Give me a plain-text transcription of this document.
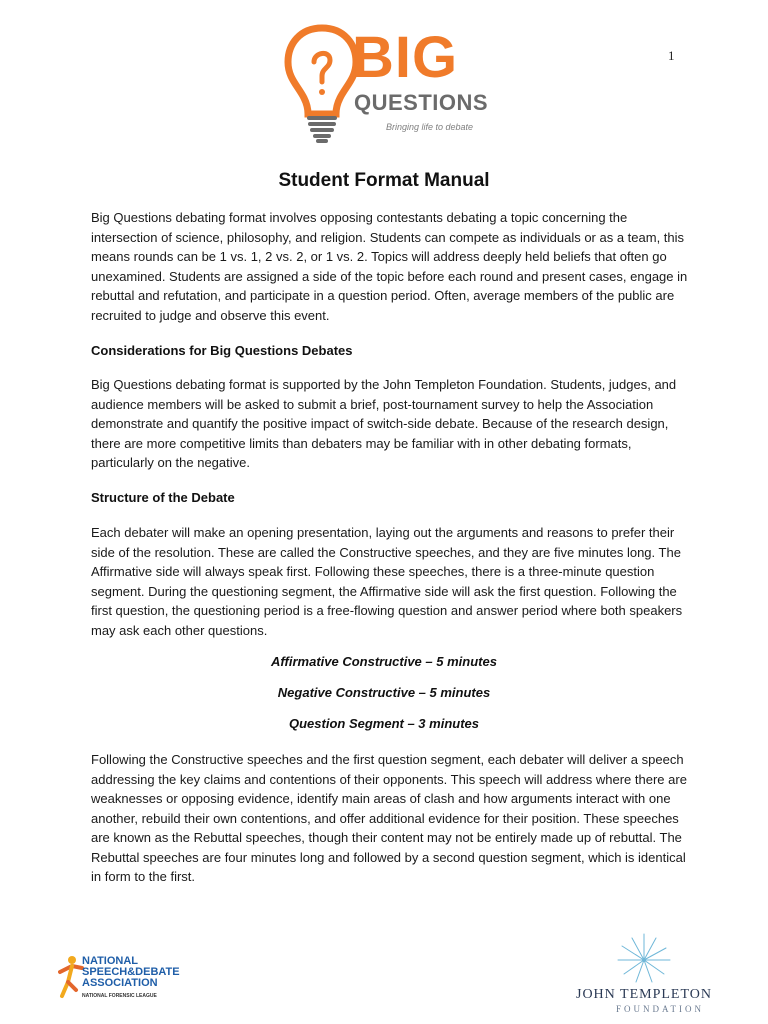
1
BIG
QUESTIONS
Bringing life to debate
Student Format Manual

Big Questions debating format involves opposing contestants debating a topic concerning the intersection of science, philosophy, and religion. Students can compete as individuals or as a team, this means rounds can be 1 vs. 1, 2 vs. 2, or 1 vs. 2. Topics will address deeply held beliefs that often go unexamined. Students are assigned a side of the topic before each round and present cases, engage in rebuttal and refutation, and participate in a question period. Often, average members of the public are recruited to judge and observe this event.

Considerations for Big Questions Debates

Big Questions debating format is supported by the John Templeton Foundation. Students, judges, and audience members will be asked to submit a brief, post-tournament survey to help the Association demonstrate and quantify the positive impact of switch-side debate. Because of the research design, there are more competitive limits than debaters may be familiar with in other debating formats, particularly on the negative.

Structure of the Debate

Each debater will make an opening presentation, laying out the arguments and reasons to prefer their side of the resolution. These are called the Constructive speeches, and they are five minutes long. The Affirmative side will always speak first. Following these speeches, there is a three-minute question segment. During the questioning segment, the Affirmative side will ask the first question. Following the first question, the questioning period is a free-flowing question and answer period where both speakers may ask each other questions.

Affirmative Constructive – 5 minutes
Negative Constructive – 5 minutes
Question Segment – 3 minutes

Following the Constructive speeches and the first question segment, each debater will deliver a speech addressing the key claims and contentions of their opponents. This speech will address where there are weaknesses or opposing evidence, identify main areas of clash and how arguments interact with one another, rebuild their own contentions, and offer additional evidence for their position. These speeches are known as the Rebuttal speeches, though their content may not be entirely made up of rebuttal. The Rebuttal speeches are four minutes long and followed by a second question segment, which is identical in form to the first.

NATIONAL
SPEECH&DEBATE
ASSOCIATION
NATIONAL FORENSIC LEAGUE	JOHN TEMPLETON
FOUNDATION
